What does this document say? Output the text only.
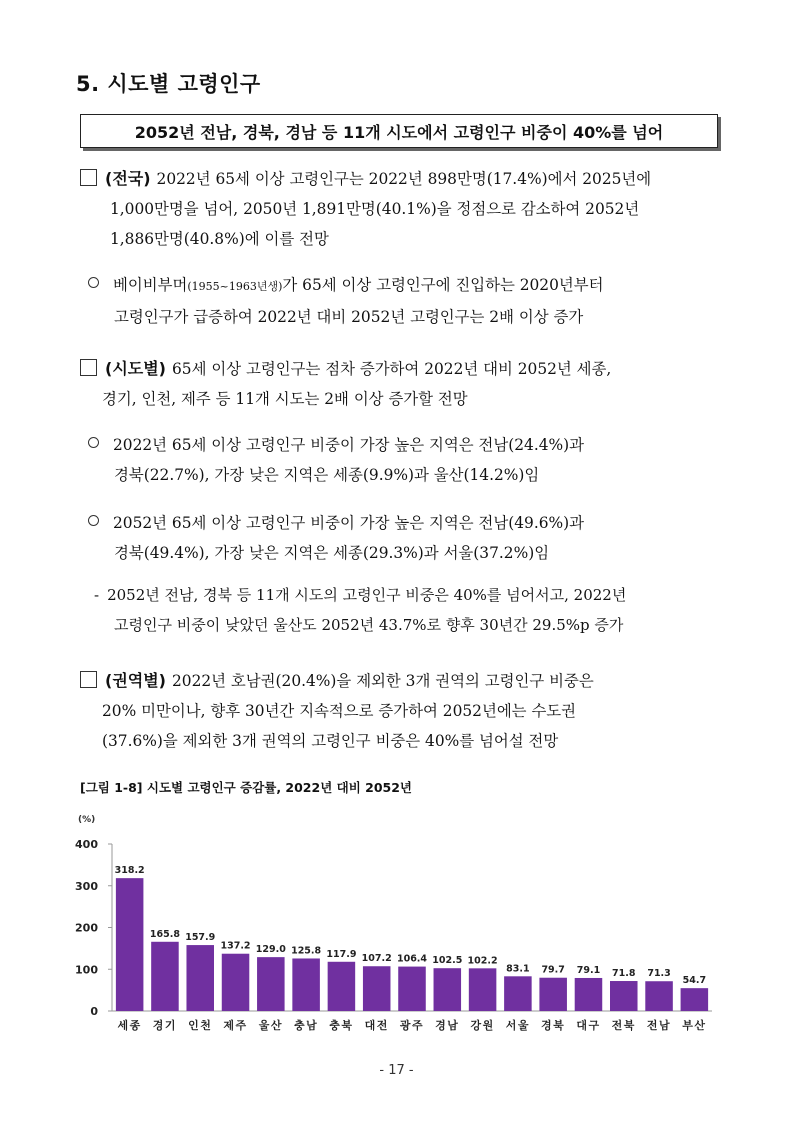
5. 시도별 고령인구
2052년 전남, 경북, 경남 등 11개 시도에서 고령인구 비중이 40%를 넘어

(전국) 2022년 65세 이상 고령인구는 2022년 898만명(17.4%)에서 2025년에

1,000만명을 넘어, 2050년 1,891만명(40.1%)을 정점으로 감소하여 2052년

1,886만명(40.8%)에 이를 전망

베이비부머(1955~1963년생)가 65세 이상 고령인구에 진입하는 2020년부터

고령인구가 급증하여 2022년 대비 2052년 고령인구는 2배 이상 증가

(시도별) 65세 이상 고령인구는 점차 증가하여 2022년 대비 2052년 세종,

경기, 인천, 제주 등 11개 시도는 2배 이상 증가할 전망

2022년 65세 이상 고령인구 비중이 가장 높은 지역은 전남(24.4%)과

경북(22.7%), 가장 낮은 지역은 세종(9.9%)과 울산(14.2%)임

2052년 65세 이상 고령인구 비중이 가장 높은 지역은 전남(49.6%)과

경북(49.4%), 가장 낮은 지역은 세종(29.3%)과 서울(37.2%)임

- 2052년 전남, 경북 등 11개 시도의 고령인구 비중은 40%를 넘어서고, 2022년

고령인구 비중이 낮았던 울산도 2052년 43.7%로 향후 30년간 29.5%p 증가

(권역별) 2022년 호남권(20.4%)을 제외한 3개 권역의 고령인구 비중은

20% 미만이나, 향후 30년간 지속적으로 증가하여 2052년에는 수도권

(37.6%)을 제외한 3개 권역의 고령인구 비중은 40%를 넘어설 전망

[그림 1-8] 시도별 고령인구 증감률, 2022년 대비 2052년

(%)
0
100
200
300
400
318.2
세종
165.8
경기
157.9
인천
137.2
제주
129.0
울산
125.8
충남
117.9
충북
107.2
대전
106.4
광주
102.5
경남
102.2
강원
83.1
서울
79.7
경북
79.1
대구
71.8
전북
71.3
전남
54.7
부산
- 17 -
